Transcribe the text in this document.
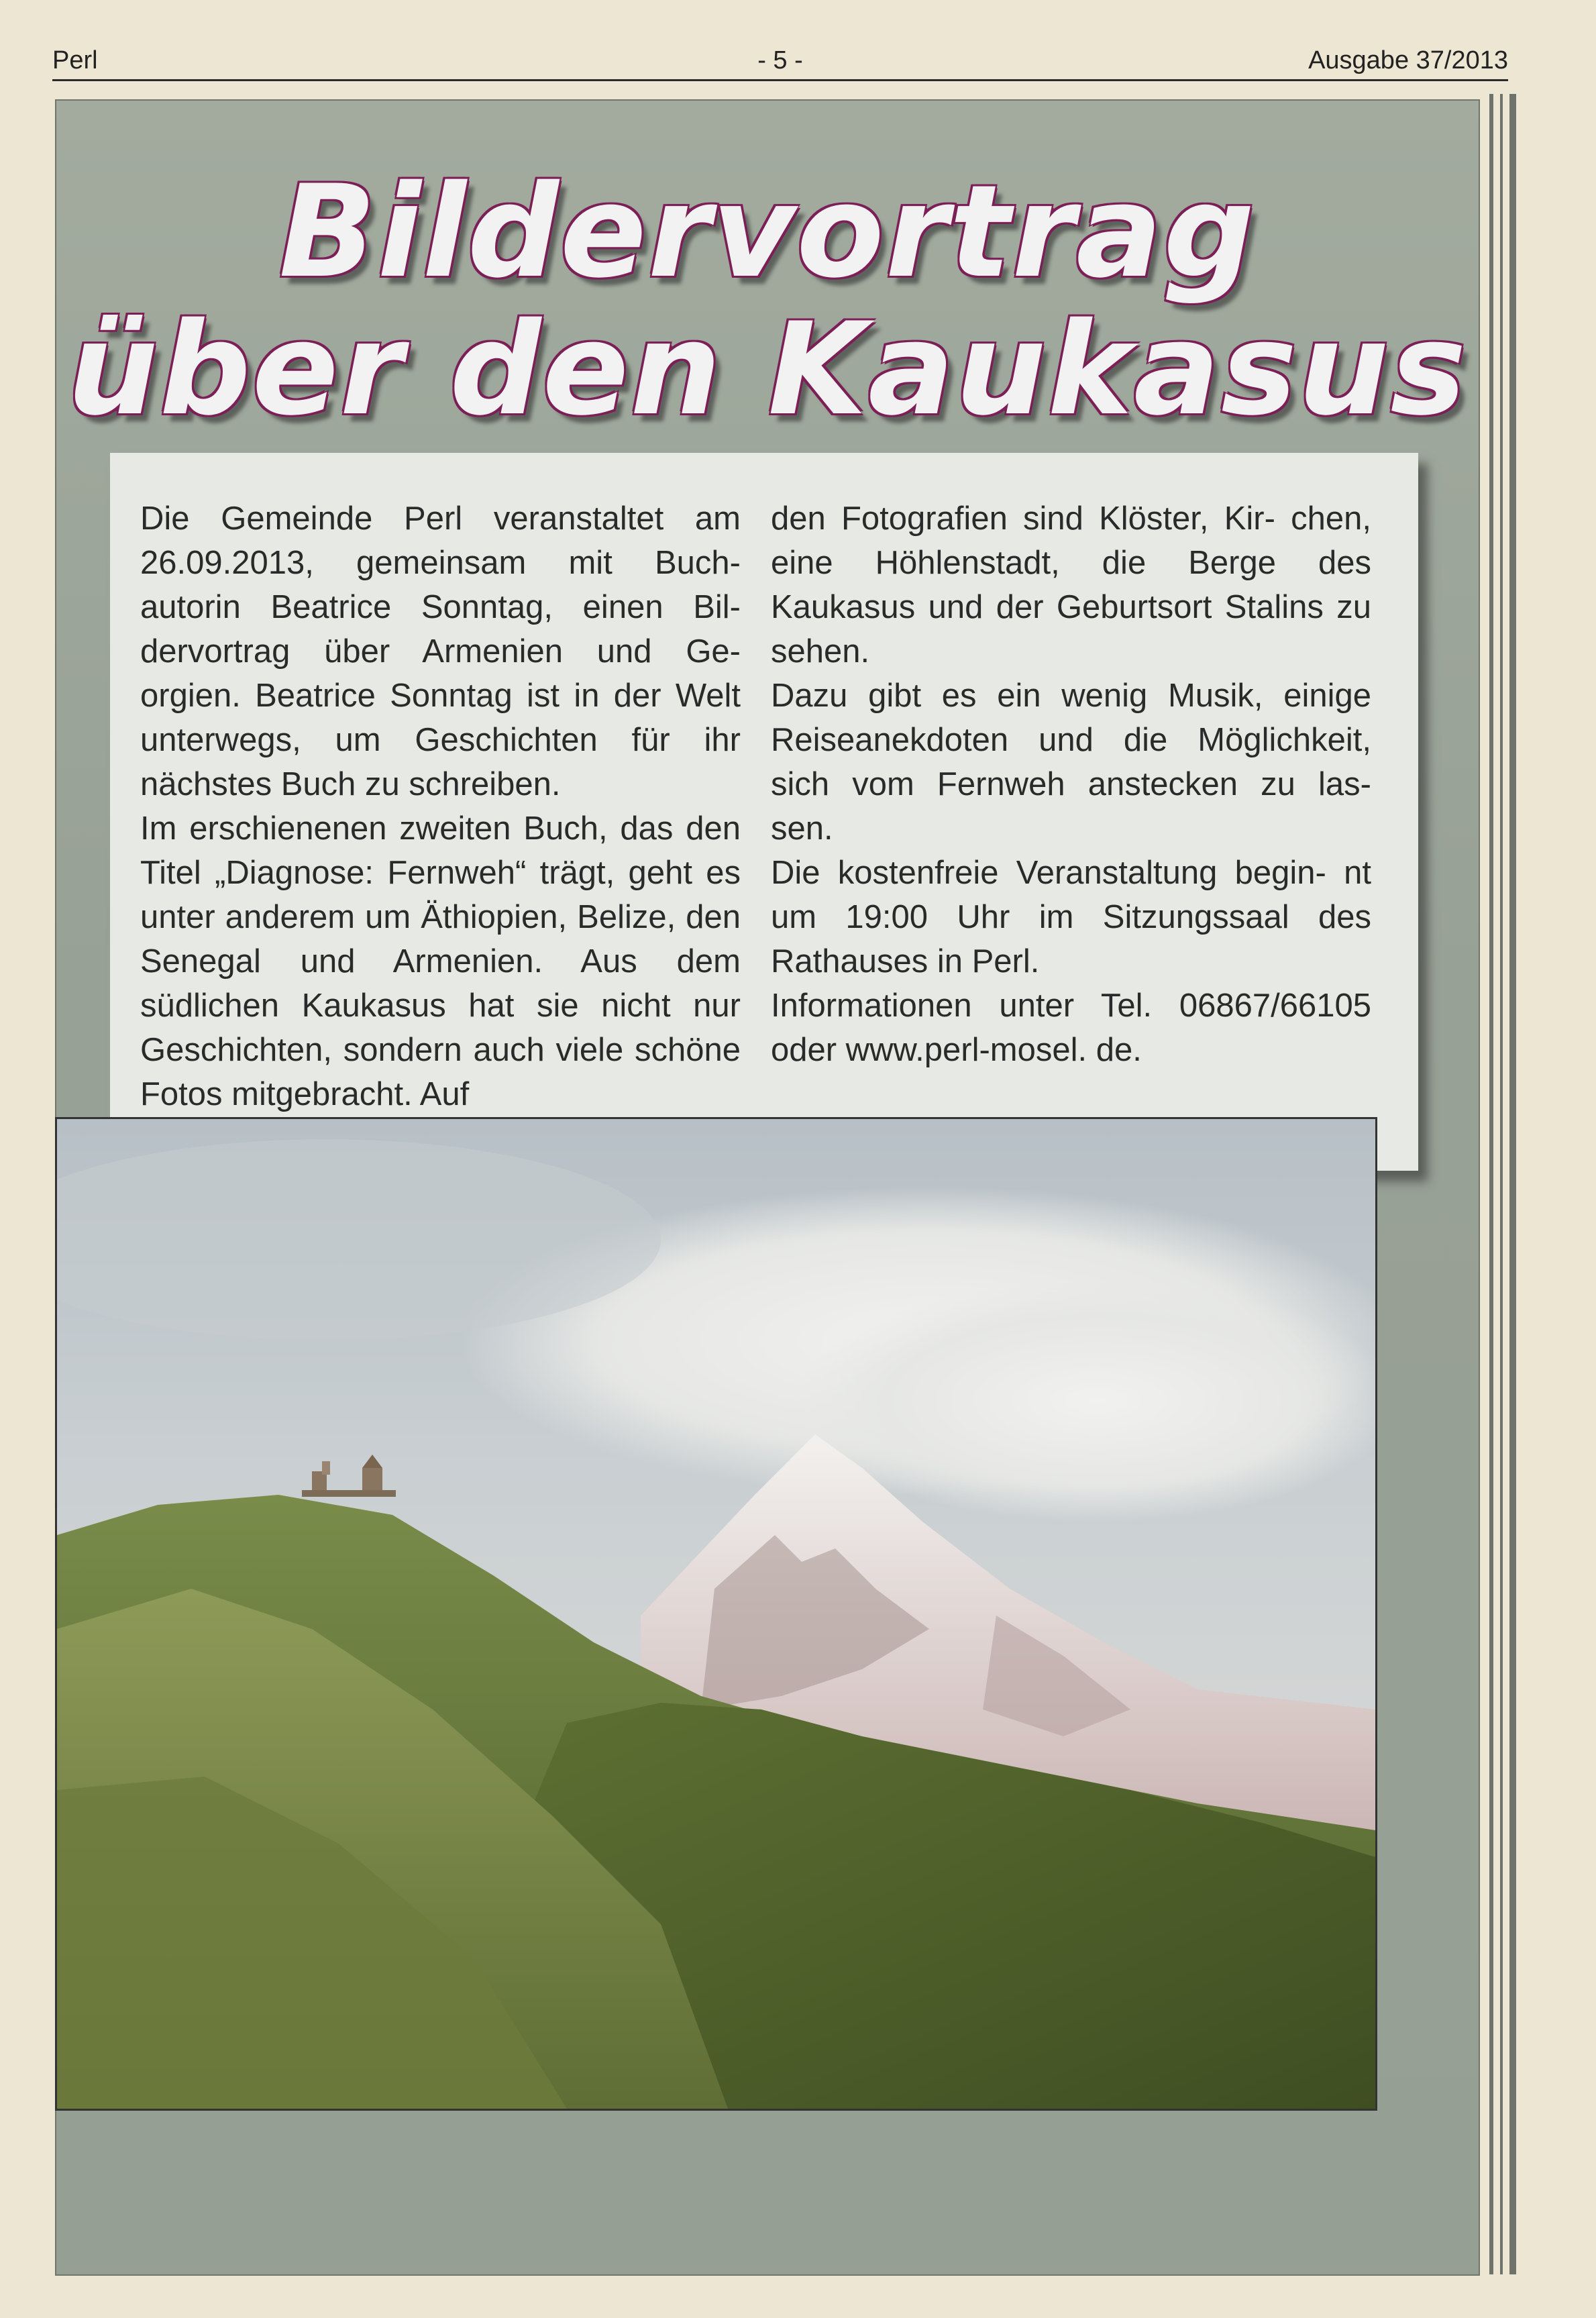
Perl	- 5 -	Ausgabe 37/2013
Bildervortrag
über den Kaukasus

Die Gemeinde Perl veranstaltet am 26.09.2013, gemeinsam mit Buch- autorin Beatrice Sonntag, einen Bil- dervortrag über Armenien und Ge- orgien. Beatrice Sonntag ist in der Welt unterwegs, um Geschichten für ihr nächstes Buch zu schreiben.

Im erschienenen zweiten Buch, das den Titel „Diagnose: Fernweh“ trägt, geht es unter anderem um Äthiopien, Belize, den Senegal und Armenien. Aus dem südlichen Kaukasus hat sie nicht nur Geschichten, sondern auch viele schöne Fotos mitgebracht. Auf

den Fotografien sind Klöster, Kir- chen, eine Höhlenstadt, die Berge des Kaukasus und der Geburtsort Stalins zu sehen.

Dazu gibt es ein wenig Musik, einige Reiseanekdoten und die Möglichkeit, sich vom Fernweh anstecken zu las- sen.

Die kostenfreie Veranstaltung begin- nt um 19:00 Uhr im Sitzungssaal des Rathauses in Perl.

Informationen unter Tel. 06867/66105 oder www.perl-mosel. de.
